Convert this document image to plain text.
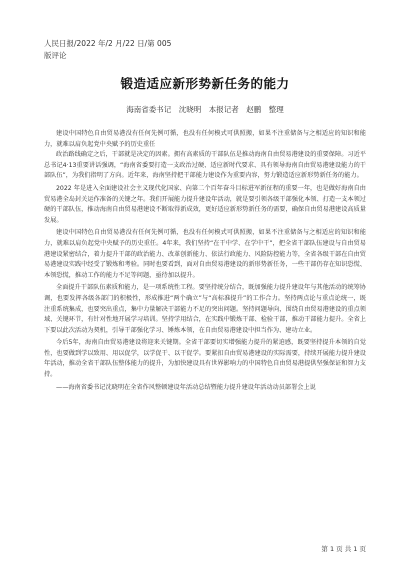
人民日报/2022 年/2 月/22 日/第 005
版评论
锻造适应新形势新任务的能力
海南省委书记　沈晓明　本报记者　赵鹏　整理

建设中国特色自由贸易港没有任何先例可循，也没有任何模式可供照搬，如果不注重储备与之相适应的知识和能力，就难以肩负起党中央赋予的历史重任

政治路线确定之后，干部就是决定的因素。拥有高素质的干部队伍是推动海南自由贸易港建设的重要保障。习近平总书记4·13重要讲话强调，“海南省委要打造一支政治过硬、适应新时代要求、具有领导海南自由贸易港建设能力的干部队伍”，为我们指明了方向。近年来，海南坚持把干部能力建设作为重要内容，努力锻造适应新形势新任务的能力。

2022 年是进入全面建设社会主义现代化国家、向第二个百年奋斗目标进军新征程的重要一年，也是做好海南自由贸易港全岛封关运作准备的关键之年。我们开展能力提升建设年活动，就是要引领各级干部强化本领、打造一支本领过硬的干部队伍，推动海南自由贸易港建设不断取得新成效，更好适应新形势新任务的需要，确保自由贸易港建设高质量发展。

建设中国特色自由贸易港没有任何先例可循，也没有任何模式可供照搬，如果不注重储备与之相适应的知识和能力，就难以肩负起党中央赋予的历史重任。4年来，我们坚持“在干中学、在学中干”，把全省干部队伍建设与自由贸易港建设紧密结合，着力提升干部的政治能力、改革创新能力、依法行政能力、风险防控能力等，全省各级干部在自由贸易港建设实践中经受了锻炼和考验。同时也要看到，面对自由贸易港建设的新形势新任务，一些干部仍存在知识恐慌、本领恐慌，推动工作的能力不足等问题，亟待加以提升。

全面提升干部队伍素质和能力，是一项系统性工程。要坚持统分结合，既加强能力提升建设年与其他活动的统筹协调，也要发挥各级各部门的积极性，形成推进“两个确立”与“高标准提升”的工作合力。坚持两点论与重点论统一，既注重系统集成，也要突出重点，集中力量解决干部能力不足的突出问题。坚持问题导向，围绕自由贸易港建设的重点领域、关键环节，有针对性地开展学习培训。坚持学用结合，在实践中锻炼干部、检验干部，推动干部能力提升。全省上下要以此次活动为契机，引导干部强化学习、锤炼本领，在自由贸易港建设中担当作为、建功立业。

今后5年，海南自由贸易港建设将迎来关键期。全省干部要切实增强能力提升的紧迫感，既要坚持提升本领的自觉性，也要做到学以致用、用以促学，以学促干、以干促学。要紧扣自由贸易港建设的实际需要，持续开展能力提升建设年活动，推动全省干部队伍整体能力的提升，为加快建设具有世界影响力的中国特色自由贸易港提供坚强保证和智力支持。

——海南省委书记沈晓明在全省作风整顿建设年活动总结暨能力提升建设年活动动员部署会上说

第 1 页 共 1 页
